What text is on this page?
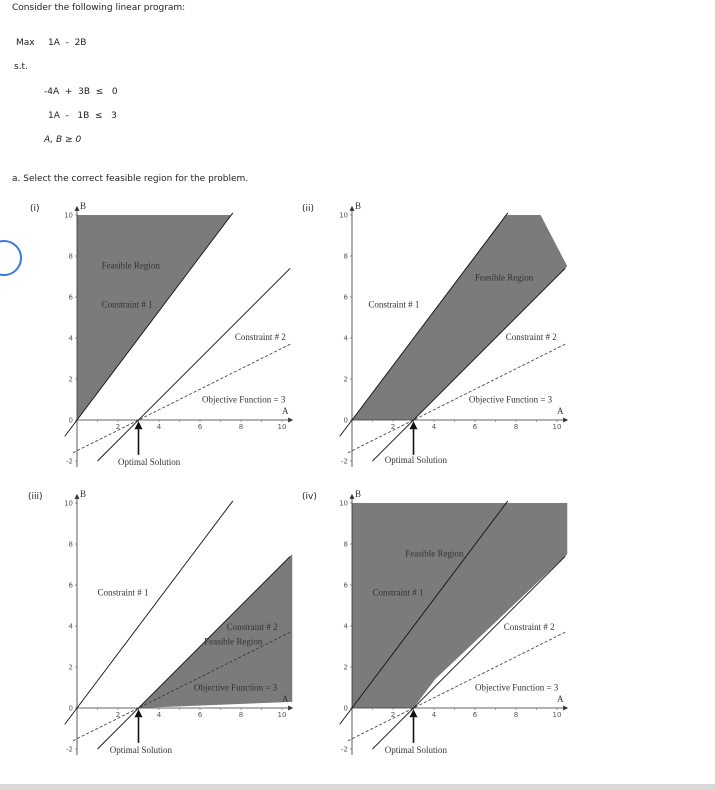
Consider the following linear program:
Max 1A  -  2B
s.t.
-4A  +  3B  ≤   0
1A  -   1B  ≤   3
A, B ≥ 0
a. Select the correct feasible region for the problem.
(i)	(ii)
(iii)	(iv)
B
A
10
8
6
4
2
0
-2
2	4	6	8	10
Feasible Region
Constraint # 1
Constraint # 2
Objective Function = 3
Optimal Solution
B
A
10
8
6
4
2
0
-2
2	4	6	8	10
Feasible Region
Constraint # 1
Constraint # 2
Objective Function = 3
Optimal Solution
B
A
10
8
6
4
2
0
-2
2	4	6	8	10
Feasible Region
Constraint # 1
Constraint # 2
Objective Function = 3
Optimal Solution
B
A
10
8
6
4
2
0
-2
2	4	6	8	10
Feasible Region
Constraint # 1
Constraint # 2
Objective Function = 3
Optimal Solution
